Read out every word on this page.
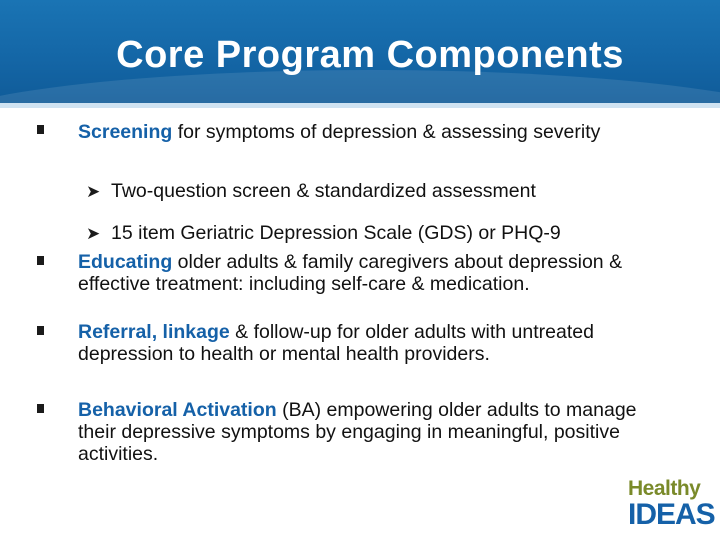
Core Program Components
Screening for symptoms of depression & assessing severity
➤ Two-question screen & standardized assessment
➤ 15 item Geriatric Depression Scale (GDS) or PHQ-9
Educating older adults & family caregivers about depression & effective treatment: including self-care & medication.
Referral, linkage & follow-up for older adults with untreated depression to health or mental health providers.
Behavioral Activation (BA) empowering older adults to manage their depressive symptoms by engaging in meaningful, positive activities.
Healthy
IDEAS
